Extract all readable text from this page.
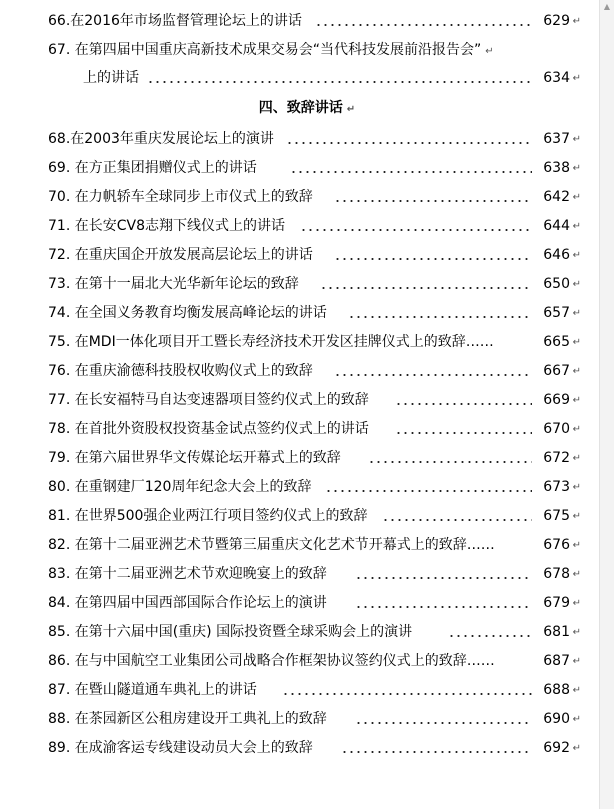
66.在2016年市场监督管理论坛上的讲话	629 ↵
67. 在第四届中国重庆高新技术成果交易会“当代科技发展前沿报告会” ↵
上的讲话	634 ↵
四、致辞讲话 ↵
68.在2003年重庆发展论坛上的演讲	637 ↵
69. 在方正集团捐赠仪式上的讲话	638 ↵
70. 在力帆轿车全球同步上市仪式上的致辞	642 ↵
71. 在长安CV8志翔下线仪式上的讲话	644 ↵
72. 在重庆国企开放发展高层论坛上的讲话	646 ↵
73. 在第十一届北大光华新年论坛的致辞	650 ↵
74. 在全国义务教育均衡发展高峰论坛的讲话	657 ↵
75. 在MDI一体化项目开工暨长寿经济技术开发区挂牌仪式上的致辞……	665 ↵
76. 在重庆渝德科技股权收购仪式上的致辞	667 ↵
77. 在长安福特马自达变速器项目签约仪式上的致辞	669 ↵
78. 在首批外资股权投资基金试点签约仪式上的讲话	670 ↵
79. 在第六届世界华文传媒论坛开幕式上的致辞	672 ↵
80. 在重钢建厂120周年纪念大会上的致辞	673 ↵
81. 在世界500强企业两江行项目签约仪式上的致辞	675 ↵
82. 在第十二届亚洲艺术节暨第三届重庆文化艺术节开幕式上的致辞……	676 ↵
83. 在第十二届亚洲艺术节欢迎晚宴上的致辞	678 ↵
84. 在第四届中国西部国际合作论坛上的演讲	679 ↵
85. 在第十六届中国(重庆) 国际投资暨全球采购会上的演讲	681 ↵
86. 在与中国航空工业集团公司战略合作框架协议签约仪式上的致辞……	687 ↵
87. 在暨山隧道通车典礼上的讲话	688 ↵
88. 在茶园新区公租房建设开工典礼上的致辞	690 ↵
89. 在成渝客运专线建设动员大会上的致辞	692 ↵
▲
